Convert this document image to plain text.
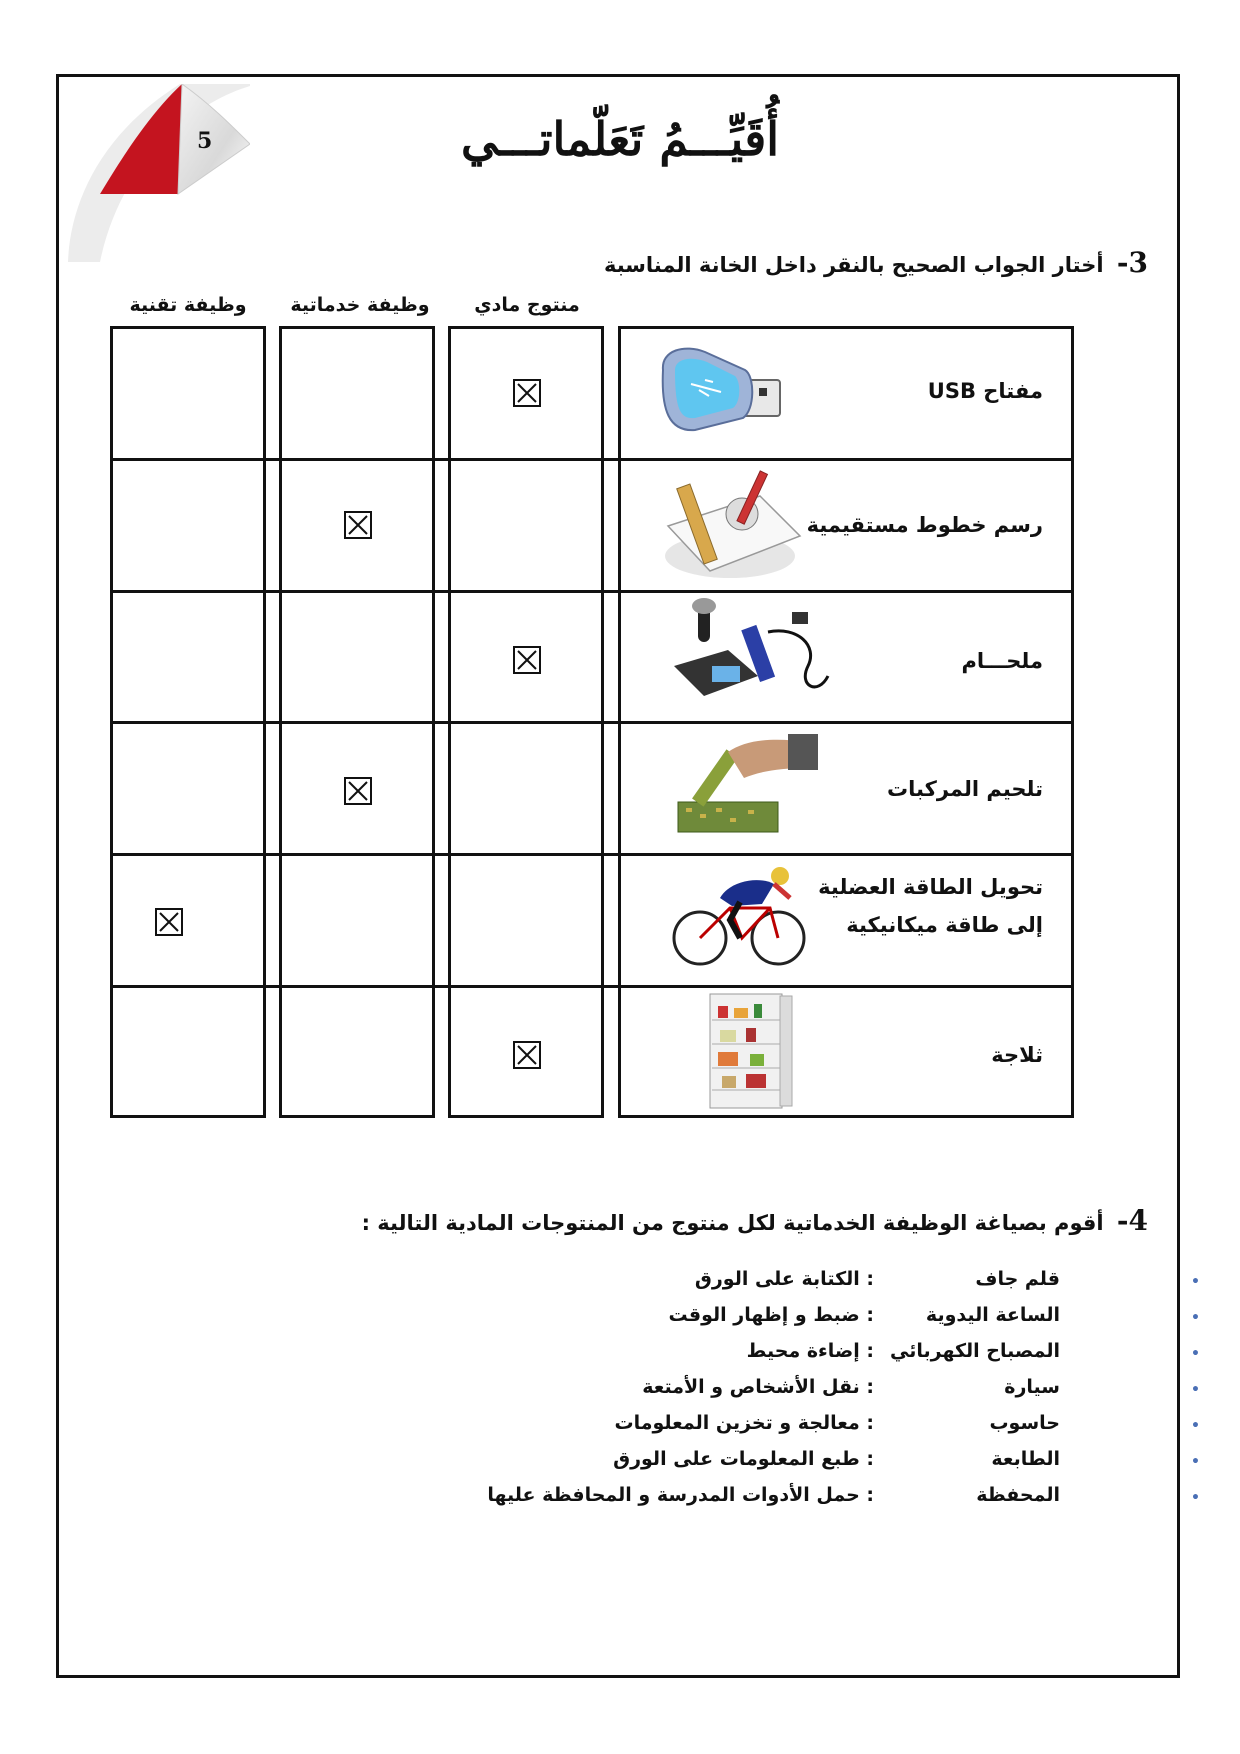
5	أُقَيِّـــمُ تَعَلّماتـــي
3- أختار الجواب الصحيح بالنقر داخل الخانة المناسبة
منتوج مادي
وظيفة خدماتية
وظيفة تقنية
مفتاح USB
رسم خطوط مستقيمية
ملحـــام
تلحيم المركبات
تحويل الطاقة العضلية
إلى طاقة ميكانيكية
ثلاجة
4- أقوم بصياغة الوظيفة الخدماتية لكل منتوج من المنتوجات المادية التالية :
•
قلم جاف
: الكتابة على الورق
•
الساعة اليدوية
: ضبط و إظهار الوقت
•
المصباح الكهربائي
: إضاءة محيط
•
سيارة
: نقل الأشخاص و الأمتعة
•
حاسوب
: معالجة و تخزين المعلومات
•
الطابعة
: طبع المعلومات على الورق
•
المحفظة
: حمل الأدوات المدرسة و المحافظة عليها
